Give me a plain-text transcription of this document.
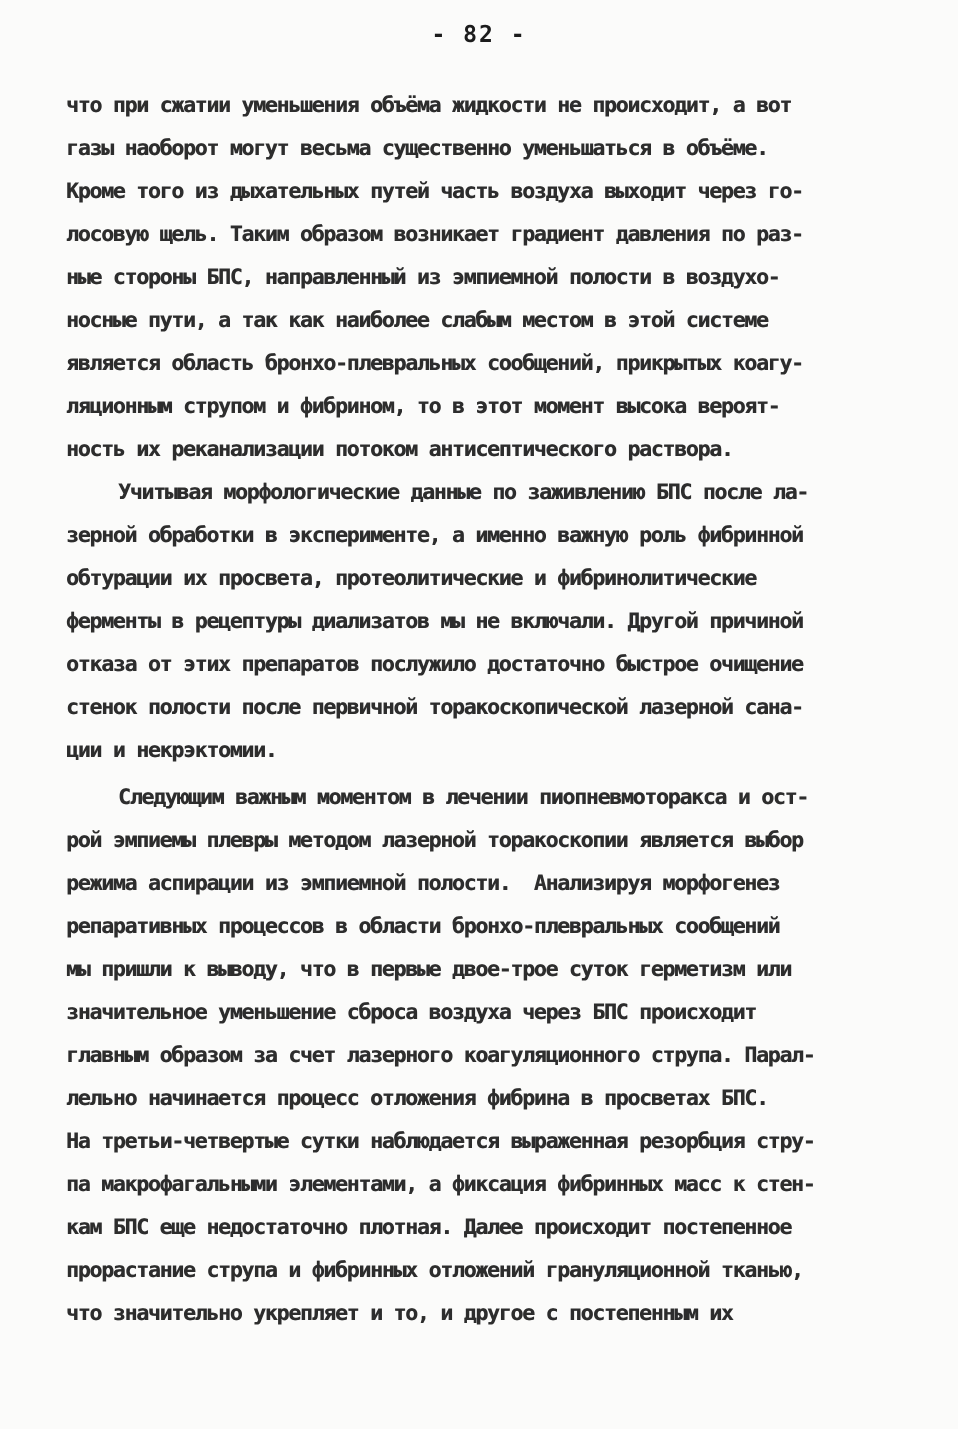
- 82 -
что при сжатии уменьшения объёма жидкости не происходит, а вот
газы наоборот могут весьма существенно уменьшаться в объёме.
Кроме того из дыхательных путей часть воздуха выходит через го-
лосовую щель. Таким образом возникает градиент давления по раз-
ные стороны БПС, направленный из эмпиемной полости в воздухо-
носные пути, а так как наиболее слабым местом в этой системе
является область бронхо-плевральных сообщений, прикрытых коагу-
ляционным струпом и фибрином, то в этот момент высока вероят-
ность их реканализации потоком антисептического раствора.
Учитывая морфологические данные по заживлению БПС после ла-
зерной обработки в эксперименте, а именно важную роль фибринной
обтурации их просвета, протеолитические и фибринолитические
ферменты в рецептуры диализатов мы не включали. Другой причиной
отказа от этих препаратов послужило достаточно быстрое очищение
стенок полости после первичной торакоскопической лазерной сана-
ции и некрэктомии.
Следующим важным моментом в лечении пиопневмоторакса и ост-
рой эмпиемы плевры методом лазерной торакоскопии является выбор
режима аспирации из эмпиемной полости.  Анализируя морфогенез
репаративных процессов в области бронхо-плевральных сообщений
мы пришли к выводу, что в первые двое-трое суток герметизм или
значительное уменьшение сброса воздуха через БПС происходит
главным образом за счет лазерного коагуляционного струпа. Парал-
лельно начинается процесс отложения фибрина в просветах БПС.
На третьи-четвертые сутки наблюдается выраженная резорбция стру-
па макрофагальными элементами, а фиксация фибринных масс к стен-
кам БПС еще недостаточно плотная. Далее происходит постепенное
прорастание струпа и фибринных отложений грануляционной тканью,
что значительно укрепляет и то, и другое с постепенным их
